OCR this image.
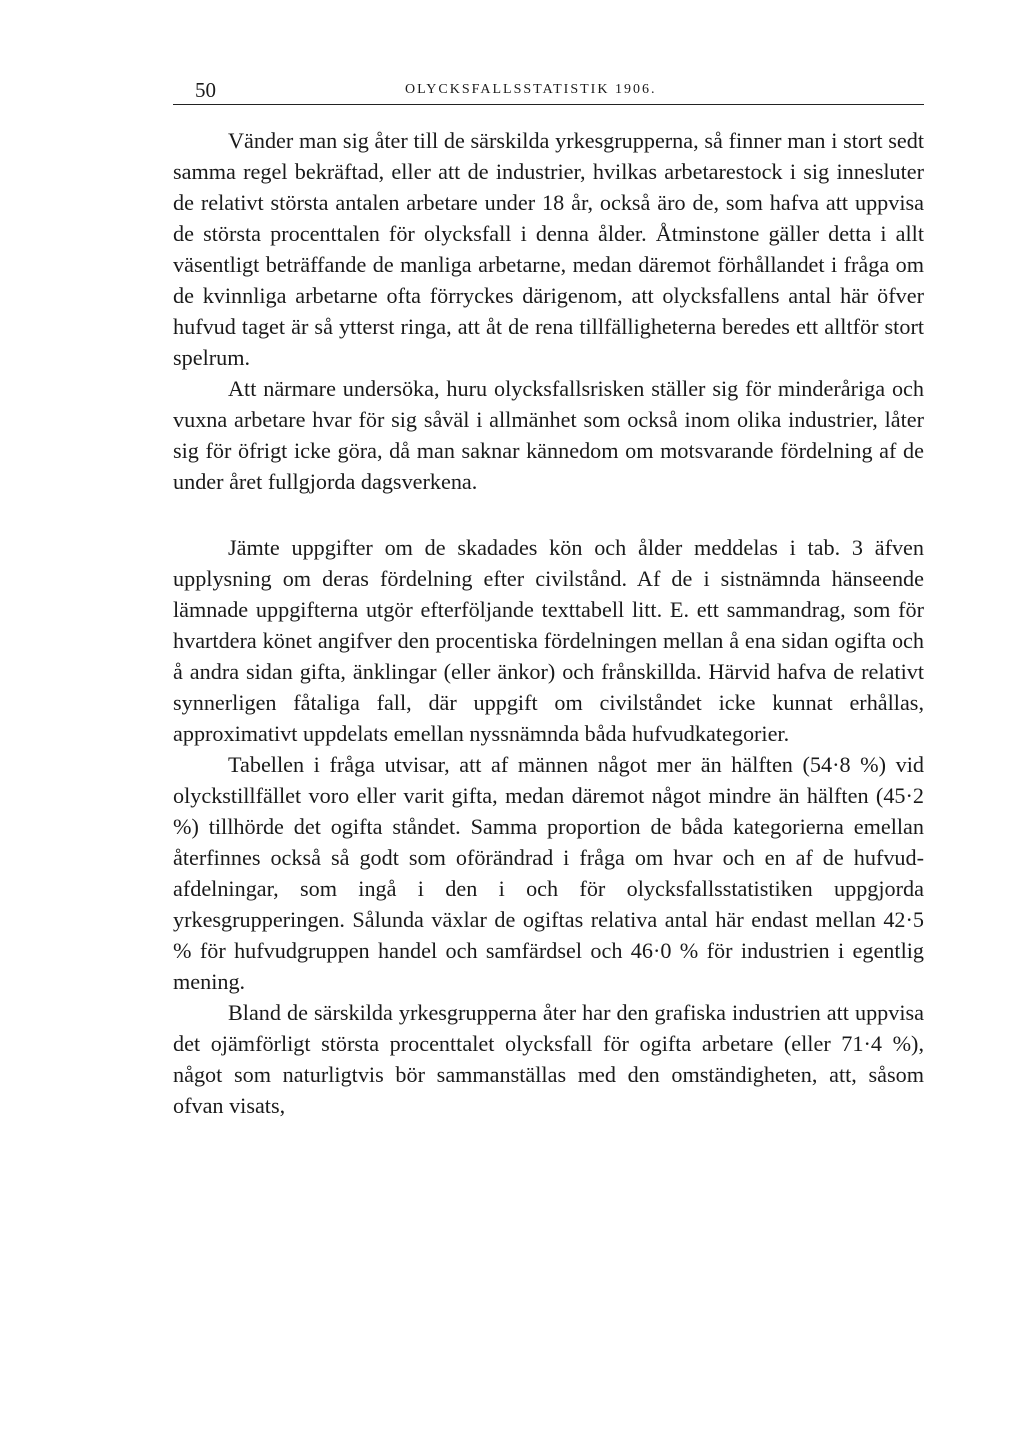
50	OLYCKSFALLSSTATISTIK 1906.

Vänder man sig åter till de särskilda yrkesgrupperna, så finner man i stort sedt samma regel bekräftad, eller att de industrier, hvilkas arbetarestock i sig innesluter de relativt största antalen arbetare under 18 år, också äro de, som hafva att uppvisa de största procenttalen för olycksfall i denna ålder. Åtminstone gäller detta i allt väsentligt beträffande de manliga arbetarne, medan däremot förhållandet i fråga om de kvinnliga arbetarne ofta förryckes därigenom, att olycksfallens antal här öfver hufvud taget är så ytterst ringa, att åt de rena tillfälligheterna beredes ett alltför stort spelrum.

Att närmare undersöka, huru olycksfallsrisken ställer sig för minderåriga och vuxna arbetare hvar för sig såväl i allmänhet som också inom olika industrier, låter sig för öfrigt icke göra, då man saknar kännedom om motsvarande fördelning af de under året fullgjorda dagsverkena.

Jämte uppgifter om de skadades kön och ålder meddelas i tab. 3 äfven upplysning om deras fördelning efter civilstånd. Af de i sistnämnda hänseende lämnade uppgifterna utgör efterföljande texttabell litt. E. ett sammandrag, som för hvartdera könet angifver den procentiska fördelningen mellan å ena sidan ogifta och å andra sidan gifta, änklingar (eller änkor) och frånskillda. Härvid hafva de relativt synnerligen fåtaliga fall, där uppgift om civilståndet icke kunnat erhållas, approximativt uppdelats emellan nyssnämnda båda hufvudkategorier.

Tabellen i fråga utvisar, att af männen något mer än hälften (54·8 %) vid olyckstillfället voro eller varit gifta, medan däremot något mindre än hälften (45·2 %) tillhörde det ogifta ståndet. Samma proportion de båda kategorierna emellan återfinnes också så godt som oförändrad i fråga om hvar och en af de hufvudafdelningar, som ingå i den i och för olycksfallsstatistiken uppgjorda yrkesgrupperingen. Sålunda växlar de ogiftas relativa antal här endast mellan 42·5 % för hufvudgruppen handel och samfärdsel och 46·0 % för industrien i egentlig mening.

Bland de särskilda yrkesgrupperna åter har den grafiska industrien att uppvisa det ojämförligt största procenttalet olycksfall för ogifta arbetare (eller 71·4 %), något som naturligtvis bör sammanställas med den omständigheten, att, såsom ofvan visats,
